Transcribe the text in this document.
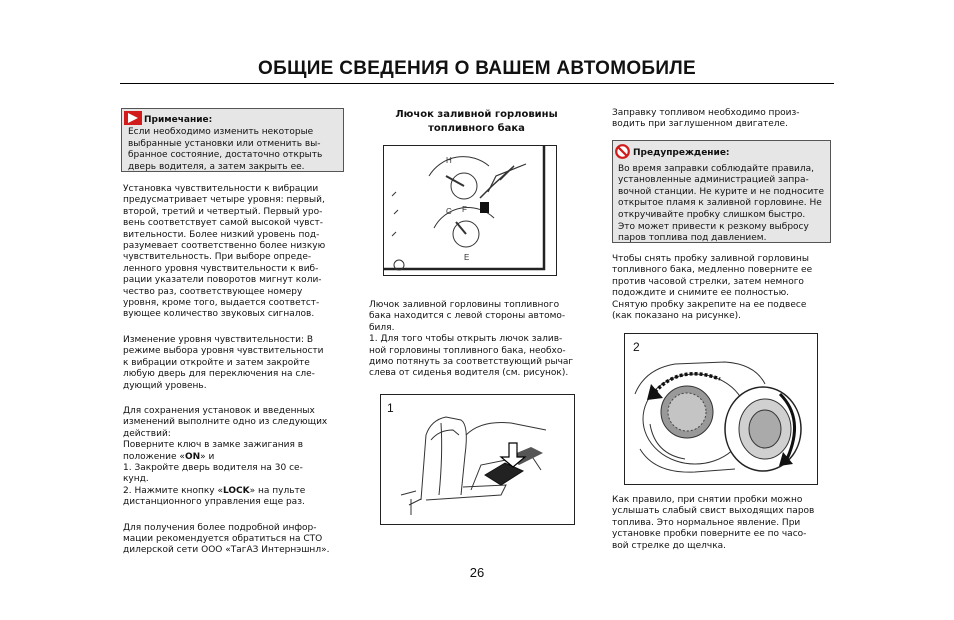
ОБЩИЕ СВЕДЕНИЯ О ВАШЕМ АВТОМОБИЛЕ
Примечание:

Если необходимо изменить некоторые

выбранные установки или отменить вы-

бранное состояние, достаточно открыть

дверь водителя, а затем закрыть ее.

Установка чувствительности к вибрации

предусматривает четыре уровня: первый,

второй, третий и четвертый. Первый уро-

вень соответствует самой высокой чувст-

вительности. Более низкий уровень под-

разумевает соответственно более низкую

чувствительность. При выборе опреде-

ленного уровня чувствительности к виб-

рации указатели поворотов мигнут коли-

чество раз, соответствующее номеру

уровня, кроме того, выдается соответст-

вующее количество звуковых сигналов.

Изменение уровня чувствительности: В

режиме выбора уровня чувствительности

к вибрации откройте и затем закройте

любую дверь для переключения на сле-

дующий уровень.

Для сохранения установок и введенных

изменений выполните одно из следующих

действий:

Поверните ключ в замке зажигания в

положение «ON» и

1. Закройте дверь водителя на 30 се-

кунд.

2. Нажмите кнопку «LOCK» на пульте

дистанционного управления еще раз.

Для получения более подробной инфор-

мации рекомендуется обратиться на СТО

дилерской сети ООО «ТагАЗ Интернэшнл».

Лючок заливной горловины
топливного бака
H
C F
E

Лючок заливной горловины топливного

бака находится с левой стороны автомо-

биля.

1. Для того чтобы открыть лючок залив-

ной горловины топливного бака, необхо-

димо потянуть за соответствующий рычаг

слева от сиденья водителя (см. рисунок).

1

Заправку топливом необходимо произ-

водить при заглушенном двигателе.

Предупреждение:

Во время заправки соблюдайте правила,

установленные администрацией запра-

вочной станции. Не курите и не подносите

открытое пламя к заливной горловине. Не

откручивайте пробку слишком быстро.

Это может привести к резкому выбросу

паров топлива под давлением.

Чтобы снять пробку заливной горловины

топливного бака, медленно поверните ее

против часовой стрелки, затем немного

подождите и снимите ее полностью.

Снятую пробку закрепите на ее подвесе

(как показано на рисунке).

2

Как правило, при снятии пробки можно

услышать слабый свист выходящих паров

топлива. Это нормальное явление. При

установке пробки поверните ее по часо-

вой стрелке до щелчка.

26
